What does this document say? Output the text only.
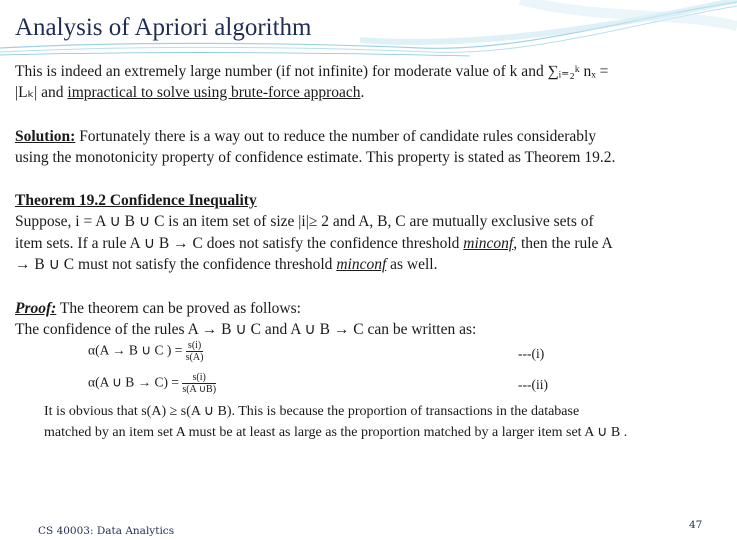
Analysis of Apriori algorithm
This is indeed an extremely large number (if not infinite) for moderate value of k and ∑ᵢ₌₂ᵏ nₓ =
|Lₖ| and impractical to solve using brute-force approach.
Solution: Fortunately there is a way out to reduce the number of candidate rules considerably
using the monotonicity property of confidence estimate. This property is stated as Theorem 19.2.
Theorem 19.2 Confidence Inequality
Suppose, i = A ∪ B ∪ C is an item set of size |i|≥ 2 and A, B, C are mutually exclusive sets of
item sets. If a rule A ∪ B → C does not satisfy the confidence threshold minconf, then the rule A
→ B ∪ C must not satisfy the confidence threshold minconf as well.
Proof: The theorem can be proved as follows:
The confidence of the rules A → B ∪ C and A ∪ B → C can be written as:
α(A → B ∪ C ) = $\frac{s(i)}{s(A)}$	---(i)
α(A ∪ $B \to C) = \frac{s(i)}{s(A \cup B)}$	---(ii)
It is obvious that s(A) ≥ s(A ∪ B). This is because the proportion of transactions in the database
matched by an item set A must be at least as large as the proportion matched by a larger item set A ∪ B .
CS 40003: Data Analytics	47
